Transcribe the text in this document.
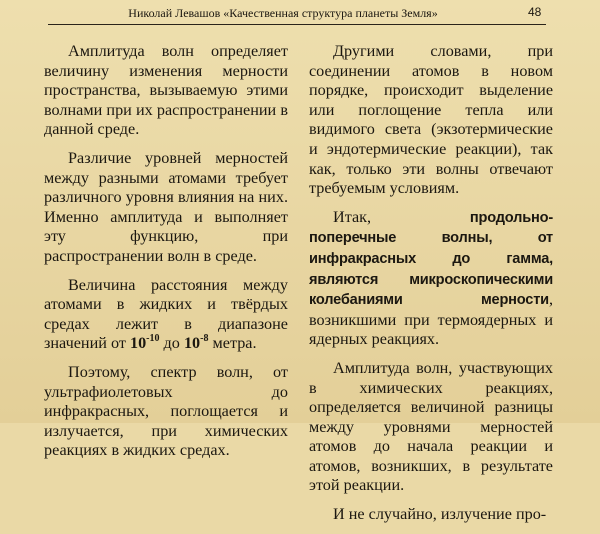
Николай Левашов «Качественная структура планеты Земля»	48

Амплитуда волн определяет величину изменения мерности пространства, вызываемую этими волнами при их распространении в данной среде.

Различие уровней мерностей между разными атомами требует различного уровня влияния на них. Именно амплитуда и выполняет эту функцию, при распространении волн в среде.

Величина расстояния между атомами в жидких и твёрдых средах лежит в диапазоне значений от $10^{-10}$ до $10^{-8}$ метра.

Поэтому, спектр волн, от ультрафиолетовых до инфракрасных, поглощается и излучается, при химических реакциях в жидких средах.

Другими словами, при соединении атомов в новом порядке, происходит выделение или поглощение тепла или видимого света (экзотермические и эндотермические реакции), так как, только эти волны отвечают требуемым условиям.

Итак,	продольно-поперечные волны, от инфракрасных до гамма, являются микроскопическими колебаниями мерности, возникшими при термоядерных и ядерных реакциях.

Амплитуда волн, участвующих в химических реакциях, определяется величиной разницы между уровнями мерностей атомов до начала реакции и атомов, возникших, в результате этой реакции.

И не случайно, излучение про-
